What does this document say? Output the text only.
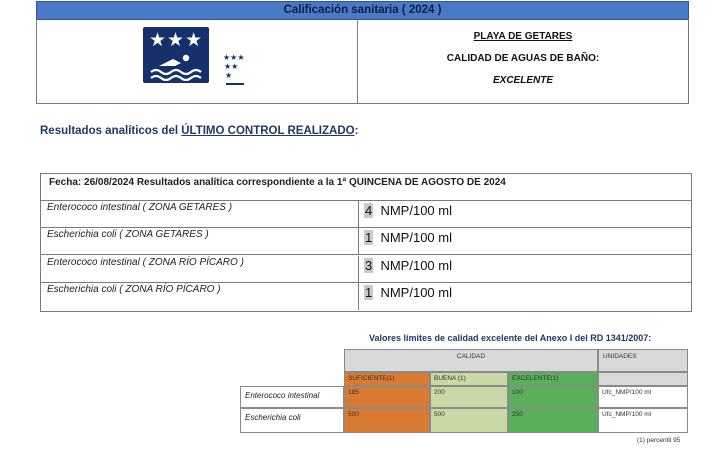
Calificación sanitaria ( 2024 )
★★★
★★★
★★
★
PLAYA DE GETARES
CALIDAD DE AGUAS DE BAÑO:
EXCELENTE
Resultados analíticos del ÚLTIMO CONTROL REALIZADO:
Fecha: 26/08/2024 Resultados analítica correspondiente a la 1ª QUINCENA DE AGOSTO DE 2024
Enterococo intestinal ( ZONA GETARES )	4 NMP/100 ml
Escherichia coli ( ZONA GETARES )	1 NMP/100 ml
Enterococo intestinal ( ZONA RÍO PÍCARO )	3 NMP/100 ml
Escherichia coli ( ZONA RÍO PÍCARO )	1 NMP/100 ml
Valores límites de calidad excelente del Anexo I del RD 1341/2007:
CALIDAD	UNIDADES
SUFICIENTE(1)	BUENA (1)	EXCELENTE(1)
Enterococo intestinal	185	200	100	Ufc_NMP/100 ml
Escherichia coli	500	500	250	Ufc_NMP/100 ml
(1) percentil 95
